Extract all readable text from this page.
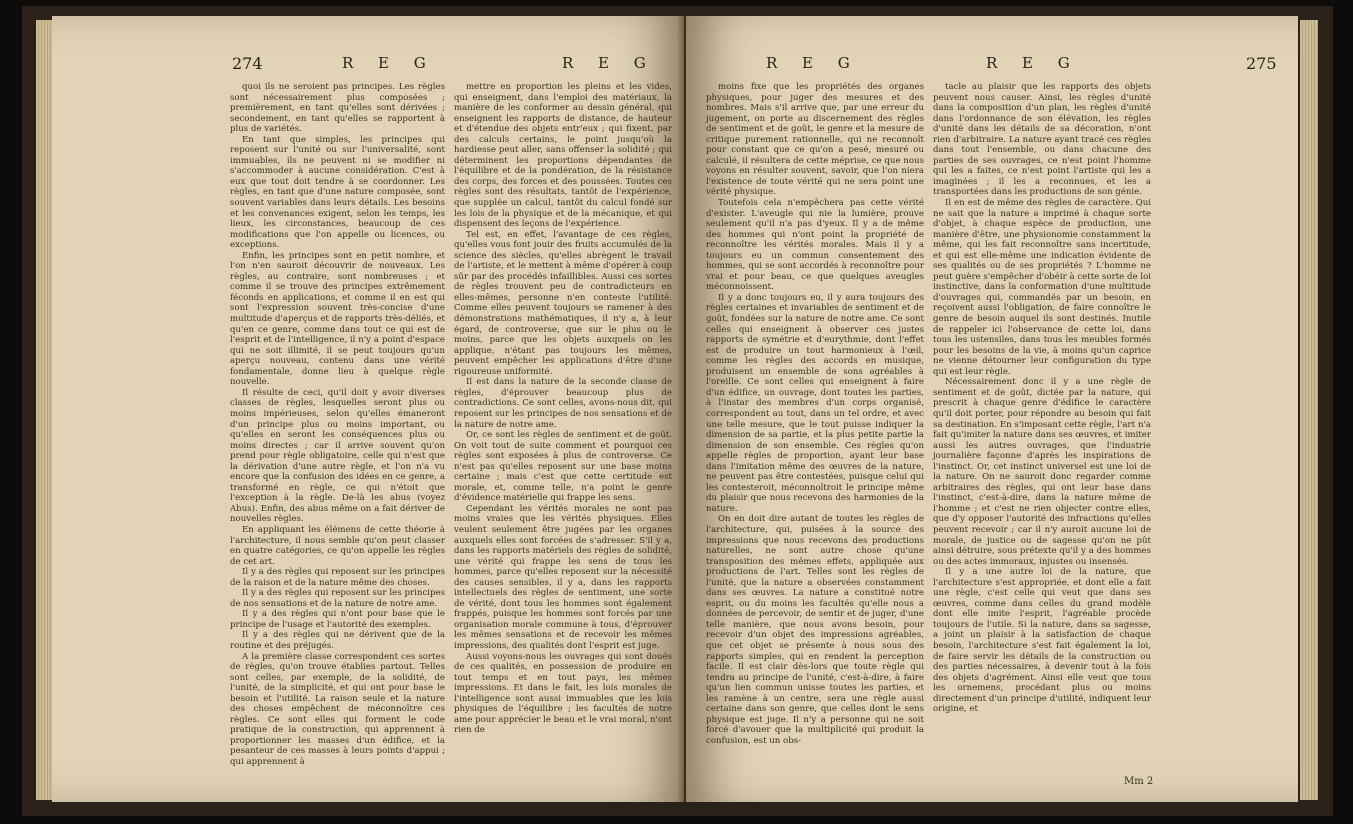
274	R E G	R E G

quoi ils ne seroient pas principes. Les règles sont nécessairement plus composées ; premièrement, en tant qu'elles sont dérivées ; secondement, en tant qu'elles se rapportent à plus de variétés.

En tant que simples, les principes qui reposent sur l'unité ou sur l'universalité, sont immuables, ils ne peuvent ni se modifier ni s'accommoder à aucune considération. C'est à eux que tout doit tendre à se coordonner. Les règles, en tant que d'une nature composée, sont souvent variables dans leurs détails. Les besoins et les convenances exigent, selon les temps, les lieux, les circonstances, beaucoup de ces modifications que l'on appelle ou licences, ou exceptions.

Enfin, les principes sont en petit nombre, et l'on n'en sauroit découvrir de nouveaux. Les règles, au contraire, sont nombreuses ; et comme il se trouve des principes extrêmement féconds en applications, et comme il en est qui sont l'expression souvent très-concise d'une multitude d'aperçus et de rapports très-déliés, et qu'en ce genre, comme dans tout ce qui est de l'esprit et de l'intelligence, il n'y a point d'espace qui ne soit illimité, il se peut toujours qu'un aperçu nouveau, contenu dans une vérité fondamentale, donne lieu à quelque règle nouvelle.

Il résulte de ceci, qu'il doit y avoir diverses classes de règles, lesquelles seront plus ou moins impérieuses, selon qu'elles émaneront d'un principe plus ou moins important, ou qu'elles en seront les conséquences plus ou moins directes ; car il arrive souvent qu'on prend pour règle obligatoire, celle qui n'est que la dérivation d'une autre règle, et l'on n'a vu encore que la confusion des idées en ce genre, a transformé en règle, ce qui n'étoit que l'exception à la règle. De-là les abus (voyez Abus). Enfin, des abus même on a fait dériver de nouvelles règles.

En appliquant les élémens de cette théorie à l'architecture, il nous semble qu'on peut classer en quatre catégories, ce qu'on appelle les règles de cet art.

Il y a des règles qui reposent sur les principes de la raison et de la nature même des choses.

Il y a des règles qui reposent sur les principes de nos sensations et de la nature de notre ame.

Il y a des règles qui n'ont pour base que le principe de l'usage et l'autorité des exemples.

Il y a des règles qui ne dérivent que de la routine et des préjugés.

A la première classe correspondent ces sortes de règles, qu'on trouve établies partout. Telles sont celles, par exemple, de la solidité, de l'unité, de la simplicité, et qui ont pour base le besoin et l'utilité. La raison seule et la nature des choses empêchent de méconnoître ces règles. Ce sont elles qui forment le code pratique de la construction, qui apprennent à proportionner les masses d'un édifice, et la pesanteur de ces masses à leurs points d'appui ; qui apprennent à

mettre en proportion les pleins et les vides, qui enseignent, dans l'emploi des matériaux, la manière de les conformer au dessin général, qui enseignent les rapports de distance, de hauteur et d'étendue des objets entr'eux ; qui fixent, par des calculs certains, le point jusqu'où la hardiesse peut aller, sans offenser la solidité ; qui déterminent les proportions dépendantes de l'équilibre et de la pondération, de la résistance des corps, des forces et des poussées. Toutes ces règles sont des résultats, tantôt de l'expérience, que supplée un calcul, tantôt du calcul fondé sur les lois de la physique et de la mécanique, et qui dispensent des leçons de l'expérience.

Tel est, en effet, l'avantage de ces règles, qu'elles vous font jouir des fruits accumulés de la science des siècles, qu'elles abrègent le travail de l'artiste, et le mettent à même d'opérer à coup sûr par des procédés infaillibles. Aussi ces sortes de règles trouvent peu de contradicteurs en elles-mêmes, personne n'en conteste l'utilité. Comme elles peuvent toujours se ramener à des démonstrations mathématiques, il n'y a, à leur égard, de controverse, que sur le plus ou le moins, parce que les objets auxquels on les applique, n'étant pas toujours les mêmes, peuvent empêcher les applications d'être d'une rigoureuse uniformité.

Il est dans la nature de la seconde classe de règles, d'éprouver beaucoup plus de contradictions. Ce sont celles, avons-nous dit, qui reposent sur les principes de nos sensations et de la nature de notre ame.

Or, ce sont les règles de sentiment et de goût. On voit tout de suite comment et pourquoi ces règles sont exposées à plus de controverse. Ce n'est pas qu'elles reposent sur une base moins certaine ; mais c'est que cette certitude est morale, et, comme telle, n'a point le genre d'évidence matérielle qui frappe les sens.

Cependant les vérités morales ne sont pas moins vraies que les vérités physiques. Elles veulent seulement être jugées par les organes auxquels elles sont forcées de s'adresser. S'il y a, dans les rapports matériels des règles de solidité, une vérité qui frappe les sens de tous les hommes, parce qu'elles reposent sur la nécessité des causes sensibles, il y a, dans les rapports intellectuels des règles de sentiment, une sorte de vérité, dont tous les hommes sont également frappés, puisque les hommes sont forcés par une organisation morale commune à tous, d'éprouver les mêmes sensations et de recevoir les mêmes impressions, des qualités dont l'esprit est juge.

Aussi voyons-nous les ouvrages qui sont doués de ces qualités, en possession de produire en tout temps et en tout pays, les mêmes impressions. Et dans le fait, les lois morales de l'intelligence sont aussi immuables que les lois physiques de l'équilibre ; les facultés de notre ame pour apprécier le beau et le vrai moral, n'ont rien de

R E G	R E G	275

moins fixe que les propriétés des organes physiques, pour juger des mesures et des nombres. Mais s'il arrive que, par une erreur du jugement, on porte au discernement des règles de sentiment et de goût, le genre et la mesure de critique purement rationnelle, qui ne reconnoît pour constant que ce qu'on a pesé, mesuré ou calculé, il résultera de cette méprise, ce que nous voyons en résulter souvent, savoir, que l'on niera l'existence de toute vérité qui ne sera point une vérité physique.

Toutefois cela n'empêchera pas cette vérité d'exister. L'aveugle qui nie la lumière, prouve seulement qu'il n'a pas d'yeux. Il y a de même des hommes qui n'ont point la propriété de reconnoître les vérités morales. Mais il y a toujours eu un commun consentement des hommes, qui se sont accordés à reconnoître pour vrai et pour beau, ce que quelques aveugles méconnoissent.

Il y a donc toujours eu, il y aura toujours des règles certaines et invariables de sentiment et de goût, fondées sur la nature de notre ame. Ce sont celles qui enseignent à observer ces justes rapports de symétrie et d'eurythmie, dont l'effet est de produire un tout harmonieux à l'œil, comme les règles des accords en musique, produisent un ensemble de sons agréables à l'oreille. Ce sont celles qui enseignent à faire d'un édifice, un ouvrage, dont toutes les parties, à l'instar des membres d'un corps organisé, correspondent au tout, dans un tel ordre, et avec une telle mesure, que le tout puisse indiquer la dimension de sa partie, et la plus petite partie la dimension de son ensemble. Ces règles qu'on appelle règles de proportion, ayant leur base dans l'imitation même des œuvres de la nature, ne peuvent pas être contestées, puisque celui qui les contesteroit, méconnoîtroit le principe même du plaisir que nous recevons des harmonies de la nature.

On en doit dire autant de toutes les règles de l'architecture, qui, puisées à la source des impressions que nous recevons des productions naturelles, ne sont autre chose qu'une transposition des mêmes effets, appliquée aux productions de l'art. Telles sont les règles de l'unité, que la nature a observées constamment dans ses œuvres. La nature a constitué notre esprit, ou du moins les facultés qu'elle nous a données de percevoir, de sentir et de juger, d'une telle manière, que nous avons besoin, pour recevoir d'un objet des impressions agréables, que cet objet se présente à nous sous des rapports simples, qui en rendent la perception facile. Il est clair dès-lors que toute règle qui tendra au principe de l'unité, c'est-à-dire, à faire qu'un lien commun unisse toutes les parties, et les ramène à un centre, sera une règle aussi certaine dans son genre, que celles dont le sens physique est juge. Il n'y a personne qui ne soit forcé d'avouer que la multiplicité qui produit la confusion, est un obs-

tacle au plaisir que les rapports des objets peuvent nous causer. Ainsi, les règles d'unité dans la composition d'un plan, les règles d'unité dans l'ordonnance de son élévation, les règles d'unité dans les détails de sa décoration, n'ont rien d'arbitraire. La nature ayant tracé ces règles dans tout l'ensemble, ou dans chacune des parties de ses ouvrages, ce n'est point l'homme qui les a faites, ce n'est point l'artiste qui les a imaginées ; il les a reconnues, et les a transportées dans les productions de son génie.

Il en est de même des règles de caractère. Qui ne sait que la nature a imprimé à chaque sorte d'objet, à chaque espèce de production, une manière d'être, une physionomie constamment la même, qui les fait reconnoître sans incertitude, et qui est elle-même une indication évidente de ses qualités ou de ses propriétés ? L'homme ne peut guère s'empêcher d'obéir à cette sorte de loi instinctive, dans la conformation d'une multitude d'ouvrages qui, commandés par un besoin, en reçoivent aussi l'obligation, de faire connoître le genre de besoin auquel ils sont destinés. Inutile de rappeler ici l'observance de cette loi, dans tous les ustensiles, dans tous les meubles formés pour les besoins de la vie, à moins qu'un caprice ne vienne détourner leur configuration du type qui est leur règle.

Nécessairement donc il y a une règle de sentiment et de goût, dictée par la nature, qui prescrit à chaque genre d'édifice le caractère qu'il doit porter, pour répondre au besoin qui fait sa destination. En s'imposant cette règle, l'art n'a fait qu'imiter la nature dans ses œuvres, et imiter aussi les autres ouvrages, que l'industrie journalière façonne d'après les inspirations de l'instinct. Or, cet instinct universel est une loi de la nature. On ne sauroit donc regarder comme arbitraires des règles, qui ont leur base dans l'instinct, c'est-à-dire, dans la nature même de l'homme ; et c'est ne rien objecter contre elles, que d'y opposer l'autorité des infractions qu'elles peuvent recevoir ; car il n'y auroit aucune loi de morale, de justice ou de sagesse qu'on ne pût ainsi détruire, sous prétexte qu'il y a des hommes ou des actes immoraux, injustes ou insensés.

Il y a une autre loi de la nature, que l'architecture s'est appropriée, et dont elle a fait une règle, c'est celle qui veut que dans ses œuvres, comme dans celles du grand modèle dont elle imite l'esprit, l'agréable procède toujours de l'utile. Si la nature, dans sa sagesse, a joint un plaisir à la satisfaction de chaque besoin, l'architecture s'est fait également la loi, de faire servir les détails de la construction ou des parties nécessaires, à devenir tout à la fois des objets d'agrément. Ainsi elle veut que tous les ornemens, procédant plus ou moins directement d'un principe d'utilité, indiquent leur origine, et

Mm 2
